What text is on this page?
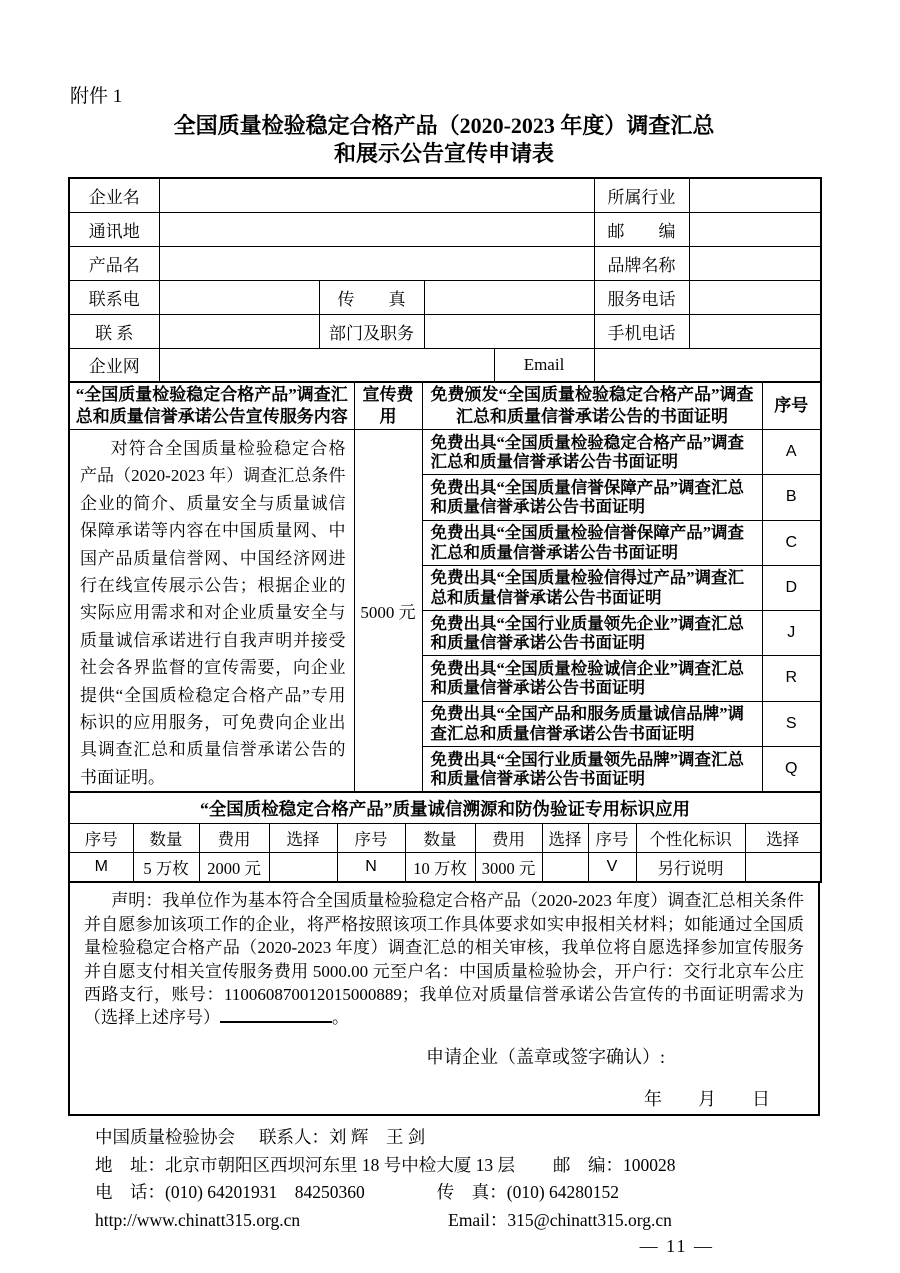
附件 1

全国质量检验稳定合格产品（2020-2023 年度）调查汇总
和展示公告宣传申请表
企业名					所属行业	
通讯地					邮　　编	
产品名					品牌名称	
联系电		传　　真			服务电话	
联 系		部门及职务			手机电话	
企业网				Email		
“全国质量检验稳定合格产品”调查汇总和质量信誉承诺公告宣传服务内容	宣传费用	免费颁发“全国质量检验稳定合格产品”调查汇总和质量信誉承诺公告的书面证明	序号

对符合全国质量检验稳定合格产品（2020-2023 年）调查汇总条件企业的简介、质量安全与质量诚信保障承诺等内容在中国质量网、中国产品质量信誉网、中国经济网进行在线宣传展示公告；根据企业的实际应用需求和对企业质量安全与质量诚信承诺进行自我声明并接受社会各界监督的宣传需要，向企业提供“全国质检稳定合格产品”专用标识的应用服务，可免费向企业出具调查汇总和质量信誉承诺公告的书面证明。	5000 元	免费出具“全国质量检验稳定合格产品”调查汇总和质量信誉承诺公告书面证明	A
		免费出具“全国质量信誉保障产品”调查汇总和质量信誉承诺公告书面证明	B
		免费出具“全国质量检验信誉保障产品”调查汇总和质量信誉承诺公告书面证明	C
		免费出具“全国质量检验信得过产品”调查汇总和质量信誉承诺公告书面证明	D
		免费出具“全国行业质量领先企业”调查汇总和质量信誉承诺公告书面证明	J
		免费出具“全国质量检验诚信企业”调查汇总和质量信誉承诺公告书面证明	R
		免费出具“全国产品和服务质量诚信品牌”调查汇总和质量信誉承诺公告书面证明	S
		免费出具“全国行业质量领先品牌”调查汇总和质量信誉承诺公告书面证明	Q
“全国质检稳定合格产品”质量诚信溯源和防伪验证专用标识应用										
序号	数量	费用	选择	序号	数量	费用	选择	序号	个性化标识	选择
M	5 万枚	2000 元		N	10 万枚	3000 元		V	另行说明	

声明：我单位作为基本符合全国质量检验稳定合格产品（2020-2023 年度）调查汇总相关条件并自愿参加该项工作的企业，将严格按照该项工作具体要求如实申报相关材料；如能通过全国质量检验稳定合格产品（2020-2023 年度）调查汇总的相关审核，我单位将自愿选择参加宣传服务并自愿支付相关宣传服务费用 5000.00 元至户名：中国质量检验协会，开户行：交行北京车公庄西路支行，账号：110060870012015000889；我单位对质量信誉承诺公告宣传的书面证明需求为（选择上述序号）	。

申请企业（盖章或签字确认）:
年　　月　　日
中国质量检验协会 联系人：刘 辉　王 剑
地　址：北京市朝阳区西坝河东里 18 号中检大厦 13 层 邮　编：100028
电　话：(010) 64201931　84250360	传　真：(010) 64280152
http://www.chinatt315.org.cn	Email：315@chinatt315.org.cn
— 11 —
